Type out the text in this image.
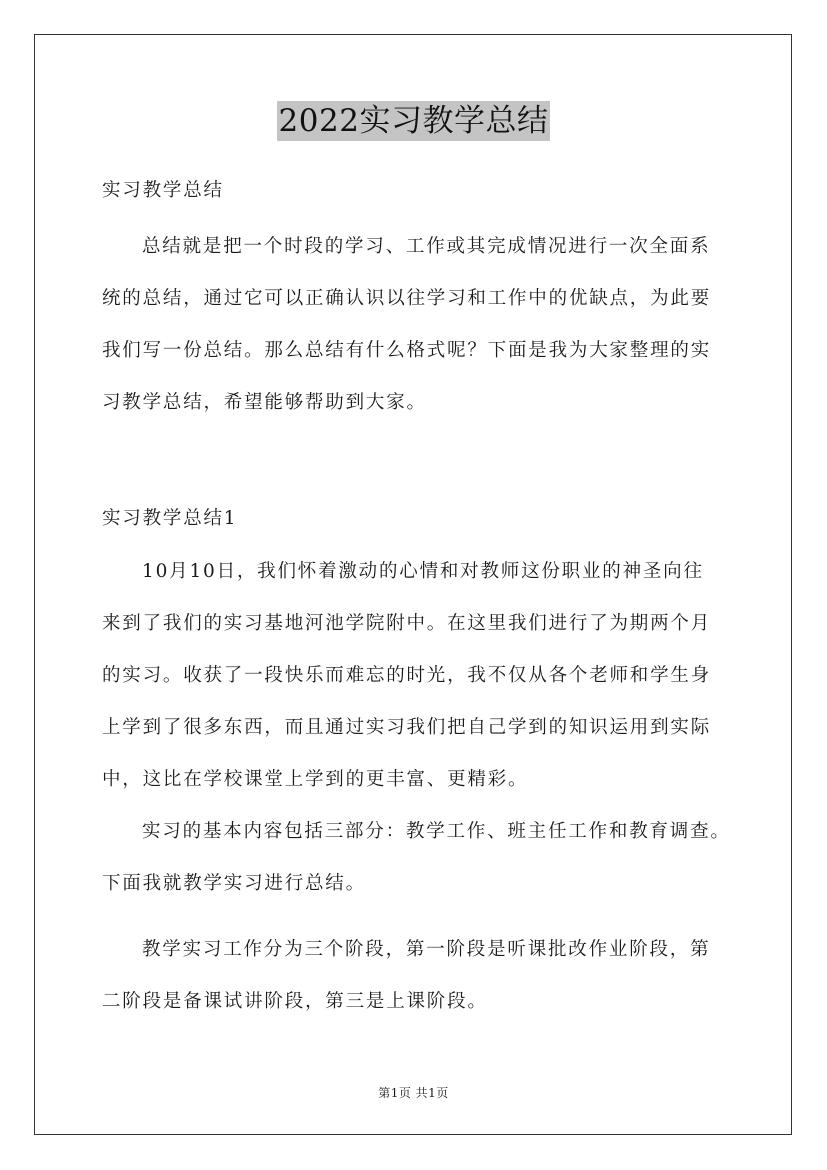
2022实习教学总结
实习教学总结
总结就是把一个时段的学习、工作或其完成情况进行一次全面系
统的总结，通过它可以正确认识以往学习和工作中的优缺点，为此要
我们写一份总结。那么总结有什么格式呢？下面是我为大家整理的实
习教学总结，希望能够帮助到大家。
实习教学总结1
10月10日，我们怀着激动的心情和对教师这份职业的神圣向往
来到了我们的实习基地河池学院附中。在这里我们进行了为期两个月
的实习。收获了一段快乐而难忘的时光，我不仅从各个老师和学生身
上学到了很多东西，而且通过实习我们把自己学到的知识运用到实际
中，这比在学校课堂上学到的更丰富、更精彩。
实习的基本内容包括三部分：教学工作、班主任工作和教育调查。
下面我就教学实习进行总结。
教学实习工作分为三个阶段，第一阶段是听课批改作业阶段，第
二阶段是备课试讲阶段，第三是上课阶段。
第1页 共1页
